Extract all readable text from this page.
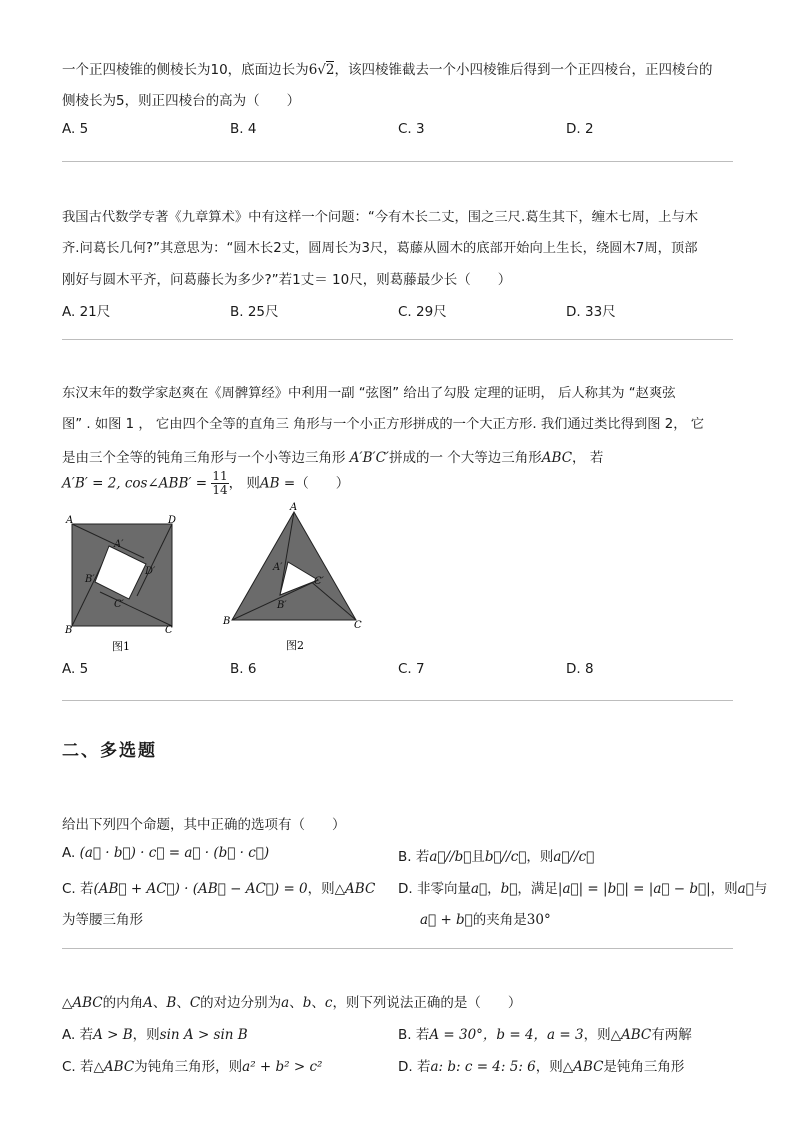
一个正四棱锥的侧棱长为10，底面边长为6√2，该四棱锥截去一个小四棱锥后得到一个正四棱台，正四棱台的
侧棱长为5，则正四棱台的高为（　　）
A. 5	B. 4	C. 3	D. 2
我国古代数学专著《九章算术》中有这样一个问题：“今有木长二丈，围之三尺.葛生其下，缠木七周，上与木
齐.问葛长几何?”其意思为：“圆木长2丈，圆周长为3尺，葛藤从圆木的底部开始向上生长，绕圆木7周，顶部
刚好与圆木平齐，问葛藤长为多少?”若1丈＝ 10尺，则葛藤最少长（　　）
A. 21尺	B. 25尺	C. 29尺	D. 33尺
东汉末年的数学家赵爽在《周髀算经》中利用一副 “弦图” 给出了勾股 定理的证明， 后人称其为 “赵爽弦
图” . 如图 1 ， 它由四个全等的直角三 角形与一个小正方形拼成的一个大正方形. 我们通过类比得到图 2， 它
是由三个全等的钝角三角形与一个小等边三角形 A′B′C′拼成的一 个大等边三角形ABC， 若
A′B′ = 2, cos∠ABB′ = $\frac{11}{14}$ ， 则AB =（　　）
A	D
B	C
A′
B′
D′
C′
图1
A
B	C
A′
B′
C′
图2
A. 5	B. 6	C. 7	D. 8
二、多选题
给出下列四个命题，其中正确的选项有（　　）
A. (a⃗ · b⃗) · c⃗ = a⃗ · (b⃗ · c⃗)	B. 若a⃗//b⃗且b⃗//c⃗，则a⃗//c⃗
C. 若(AB⃗ + AC⃗) · (AB⃗ − AC⃗) = 0，则△ABC
为等腰三角形
D. 非零向量a⃗，b⃗，满足|a⃗| = |b⃗| = |a⃗ − b⃗|，则a⃗与
a⃗ + b⃗的夹角是30°
△ABC的内角A、B、C的对边分别为a、b、c，则下列说法正确的是（　　）
A. 若A > B，则sin A > sin B	B. 若A = 30°，b = 4，a = 3，则△ABC有两解
C. 若△ABC为钝角三角形，则a² + b² > c²	D. 若a: b: c = 4: 5: 6，则△ABC是钝角三角形
